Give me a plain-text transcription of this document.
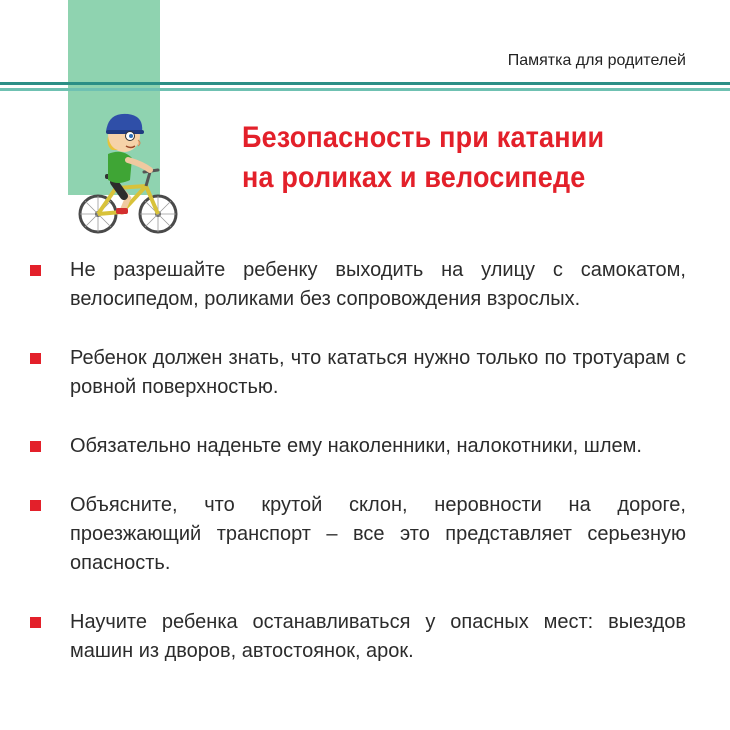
Памятка для родителей
Безопасность при катании
на роликах и велосипеде
Не разрешайте ребенку выходить на улицу с самокатом, велосипедом, роликами без сопровождения взрослых.
Ребенок должен знать, что кататься нужно только по тротуарам с ровной поверхностью.
Обязательно наденьте ему наколенники, налокотники, шлем.
Объясните, что крутой склон, неровности на дороге, проезжающий транспорт – все это представляет серьезную опасность.
Научите ребенка останавливаться у опасных мест: выездов машин из дворов, автостоянок, арок.
